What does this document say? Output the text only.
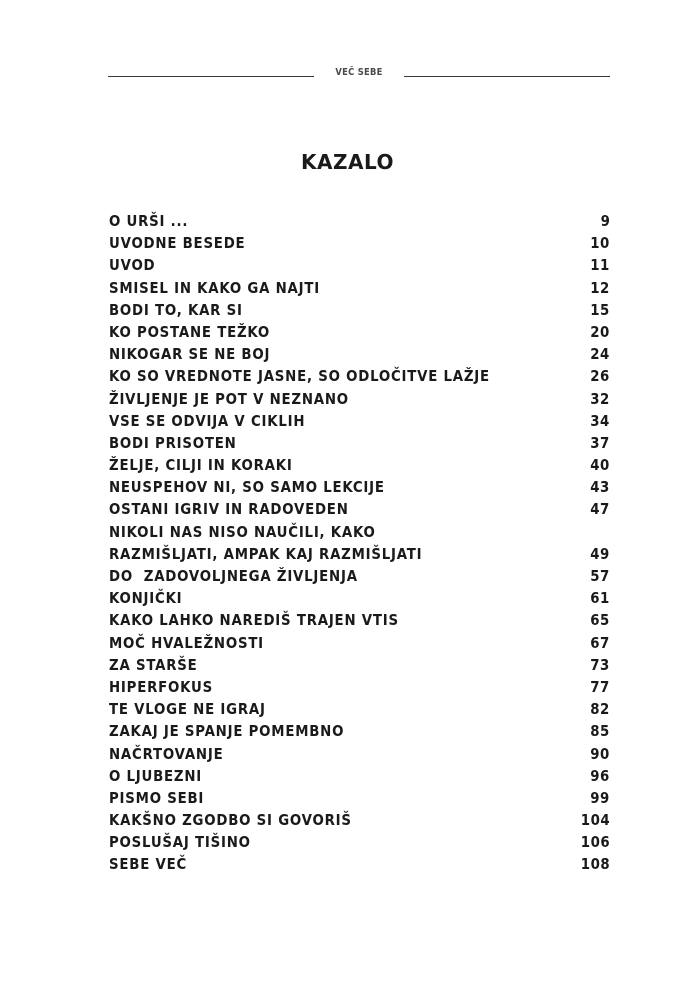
VEČ SEBE
KAZALO
O URŠI ...	9
UVODNE BESEDE	10
UVOD	11
SMISEL IN KAKO GA NAJTI	12
BODI TO, KAR SI	15
KO POSTANE TEŽKO	20
NIKOGAR SE NE BOJ	24
KO SO VREDNOTE JASNE, SO ODLOČITVE LAŽJE	26
ŽIVLJENJE JE POT V NEZNANO	32
VSE SE ODVIJA V CIKLIH	34
BODI PRISOTEN	37
ŽELJE, CILJI IN KORAKI	40
NEUSPEHOV NI, SO SAMO LEKCIJE	43
OSTANI IGRIV IN RADOVEDEN	47
NIKOLI NAS NISO NAUČILI, KAKO
RAZMIŠLJATI, AMPAK KAJ RAZMIŠLJATI	49
DO  ZADOVOLJNEGA ŽIVLJENJA	57
KONJIČKI	61
KAKO LAHKO NAREDIŠ TRAJEN VTIS	65
MOČ HVALEŽNOSTI	67
ZA STARŠE	73
HIPERFOKUS	77
TE VLOGE NE IGRAJ	82
ZAKAJ JE SPANJE POMEMBNO	85
NAČRTOVANJE	90
O LJUBEZNI	96
PISMO SEBI	99
KAKŠNO ZGODBO SI GOVORIŠ	104
POSLUŠAJ TIŠINO	106
SEBE VEČ	108
